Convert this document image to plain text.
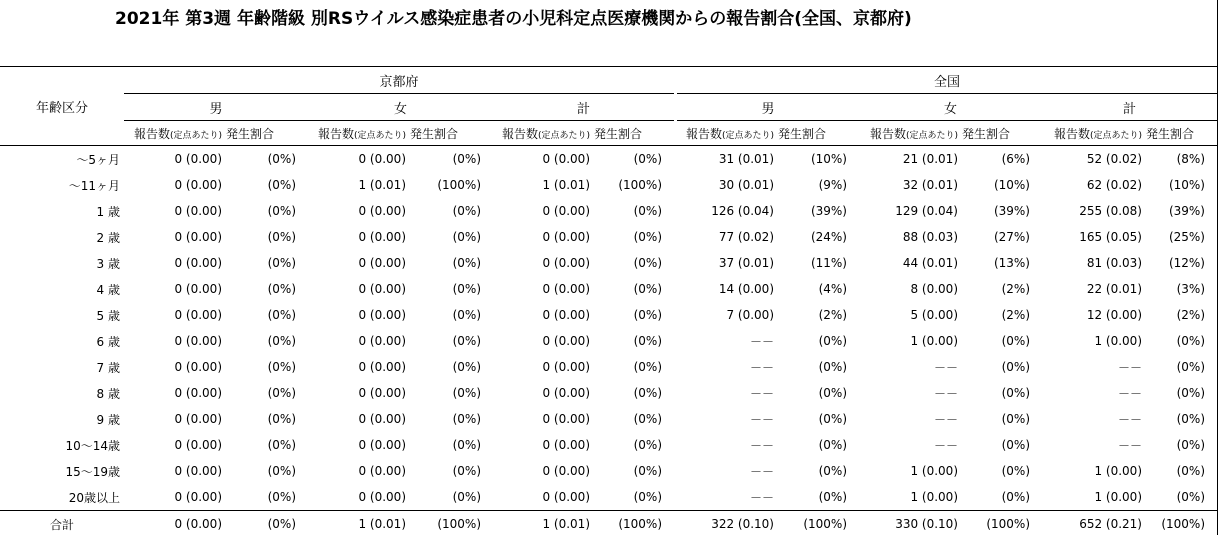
2021年 第3週 年齢階級 別RSウイルス感染症患者の小児科定点医療機関からの報告割合(全国、京都府)
年齢区分	京都府							全国					
	男		女		計			男		女		計	
	報告数(定点あたり)	発生割合	報告数(定点あたり)	発生割合	報告数(定点あたり)	発生割合		報告数(定点あたり)	発生割合	報告数(定点あたり)	発生割合	報告数(定点あたり)	発生割合
～5ヶ月	0 (0.00)	(0%)	0 (0.00)	(0%)	0 (0.00)	(0%)		31 (0.01)	(10%)	21 (0.01)	(6%)	52 (0.02)	(8%)
～11ヶ月	0 (0.00)	(0%)	1 (0.01)	(100%)	1 (0.01)	(100%)		30 (0.01)	(9%)	32 (0.01)	(10%)	62 (0.02)	(10%)
1 歳	0 (0.00)	(0%)	0 (0.00)	(0%)	0 (0.00)	(0%)		126 (0.04)	(39%)	129 (0.04)	(39%)	255 (0.08)	(39%)
2 歳	0 (0.00)	(0%)	0 (0.00)	(0%)	0 (0.00)	(0%)		77 (0.02)	(24%)	88 (0.03)	(27%)	165 (0.05)	(25%)
3 歳	0 (0.00)	(0%)	0 (0.00)	(0%)	0 (0.00)	(0%)		37 (0.01)	(11%)	44 (0.01)	(13%)	81 (0.03)	(12%)
4 歳	0 (0.00)	(0%)	0 (0.00)	(0%)	0 (0.00)	(0%)		14 (0.00)	(4%)	8 (0.00)	(2%)	22 (0.01)	(3%)
5 歳	0 (0.00)	(0%)	0 (0.00)	(0%)	0 (0.00)	(0%)		7 (0.00)	(2%)	5 (0.00)	(2%)	12 (0.00)	(2%)
6 歳	0 (0.00)	(0%)	0 (0.00)	(0%)	0 (0.00)	(0%)		－－	(0%)	1 (0.00)	(0%)	1 (0.00)	(0%)
7 歳	0 (0.00)	(0%)	0 (0.00)	(0%)	0 (0.00)	(0%)		－－	(0%)	－－	(0%)	－－	(0%)
8 歳	0 (0.00)	(0%)	0 (0.00)	(0%)	0 (0.00)	(0%)		－－	(0%)	－－	(0%)	－－	(0%)
9 歳	0 (0.00)	(0%)	0 (0.00)	(0%)	0 (0.00)	(0%)		－－	(0%)	－－	(0%)	－－	(0%)
10～14歳	0 (0.00)	(0%)	0 (0.00)	(0%)	0 (0.00)	(0%)		－－	(0%)	－－	(0%)	－－	(0%)
15～19歳	0 (0.00)	(0%)	0 (0.00)	(0%)	0 (0.00)	(0%)		－－	(0%)	1 (0.00)	(0%)	1 (0.00)	(0%)
20歳以上	0 (0.00)	(0%)	0 (0.00)	(0%)	0 (0.00)	(0%)		－－	(0%)	1 (0.00)	(0%)	1 (0.00)	(0%)
合計	0 (0.00)	(0%)	1 (0.01)	(100%)	1 (0.01)	(100%)		322 (0.10)	(100%)	330 (0.10)	(100%)	652 (0.21)	(100%)
